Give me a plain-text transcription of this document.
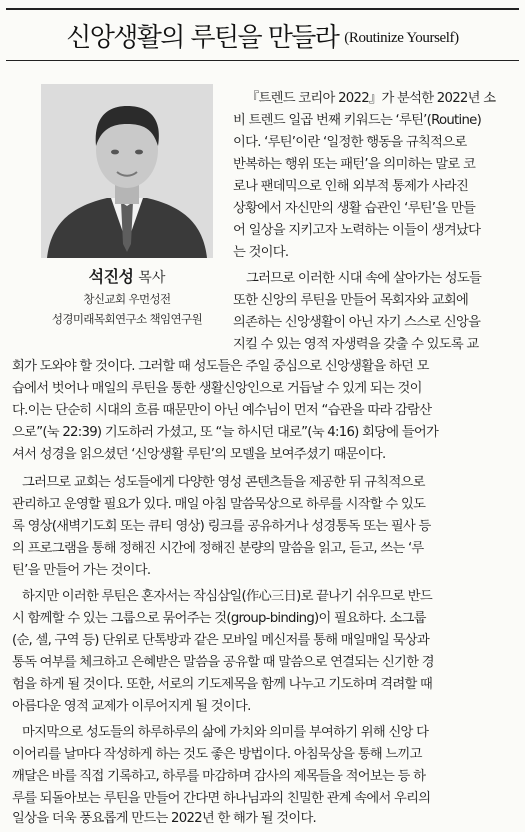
신앙생활의 루틴을 만들라 (Routinize Yourself)
석진성 목사
창신교회 우먼성전
성경미래목회연구소 책임연구원
『트렌드 코리아 2022』가 분석한 2022년 소
비 트렌드 일곱 번째 키워드는 ‘루틴’(Routine)
이다. ‘루틴’이란 ‘일정한 행동을 규칙적으로
반복하는 행위 또는 패턴’을 의미하는 말로 코
로나 팬데믹으로 인해 외부적 통제가 사라진
상황에서 자신만의 생활 습관인 ‘루틴’을 만들
어 일상을 지키고자 노력하는 이들이 생겨났다
는 것이다.
그러므로 이러한 시대 속에 살아가는 성도들
또한 신앙의 루틴을 만들어 목회자와 교회에
의존하는 신앙생활이 아닌 자기 스스로 신앙을
지킬 수 있는 영적 자생력을 갖출 수 있도록 교
회가 도와야 할 것이다. 그러할 때 성도들은 주일 중심으로 신앙생활을 하던 모
습에서 벗어나 매일의 루틴을 통한 생활신앙인으로 거듭날 수 있게 되는 것이
다.이는 단순히 시대의 흐름 때문만이 아닌 예수님이 먼저 “습관을 따라 감람산
으로”(눅 22:39) 기도하러 가셨고, 또 “늘 하시던 대로”(눅 4:16) 회당에 들어가
셔서 성경을 읽으셨던 ‘신앙생활 루틴’의 모델을 보여주셨기 때문이다.
그러므로 교회는 성도들에게 다양한 영성 콘텐츠들을 제공한 뒤 규칙적으로
관리하고 운영할 필요가 있다. 매일 아침 말씀묵상으로 하루를 시작할 수 있도
록 영상(새벽기도회 또는 큐티 영상) 링크를 공유하거나 성경통독 또는 필사 등
의 프로그램을 통해 정해진 시간에 정해진 분량의 말씀을 읽고, 듣고, 쓰는 ‘루
틴’을 만들어 가는 것이다.
하지만 이러한 루틴은 혼자서는 작심삼일(作心三日)로 끝나기 쉬우므로 반드
시 함께할 수 있는 그룹으로 묶어주는 것(group-binding)이 필요하다. 소그룹
(순, 셀, 구역 등) 단위로 단톡방과 같은 모바일 메신저를 통해 매일매일 묵상과
통독 여부를 체크하고 은혜받은 말씀을 공유할 때 말씀으로 연결되는 신기한 경
험을 하게 될 것이다. 또한, 서로의 기도제목을 함께 나누고 기도하며 격려할 때
아름다운 영적 교제가 이루어지게 될 것이다.
마지막으로 성도들의 하루하루의 삶에 가치와 의미를 부여하기 위해 신앙 다
이어리를 날마다 작성하게 하는 것도 좋은 방법이다. 아침묵상을 통해 느끼고
깨달은 바를 직접 기록하고, 하루를 마감하며 감사의 제목들을 적어보는 등 하
루를 되돌아보는 루틴을 만들어 간다면 하나님과의 친밀한 관계 속에서 우리의
일상을 더욱 풍요롭게 만드는 2022년 한 해가 될 것이다.
